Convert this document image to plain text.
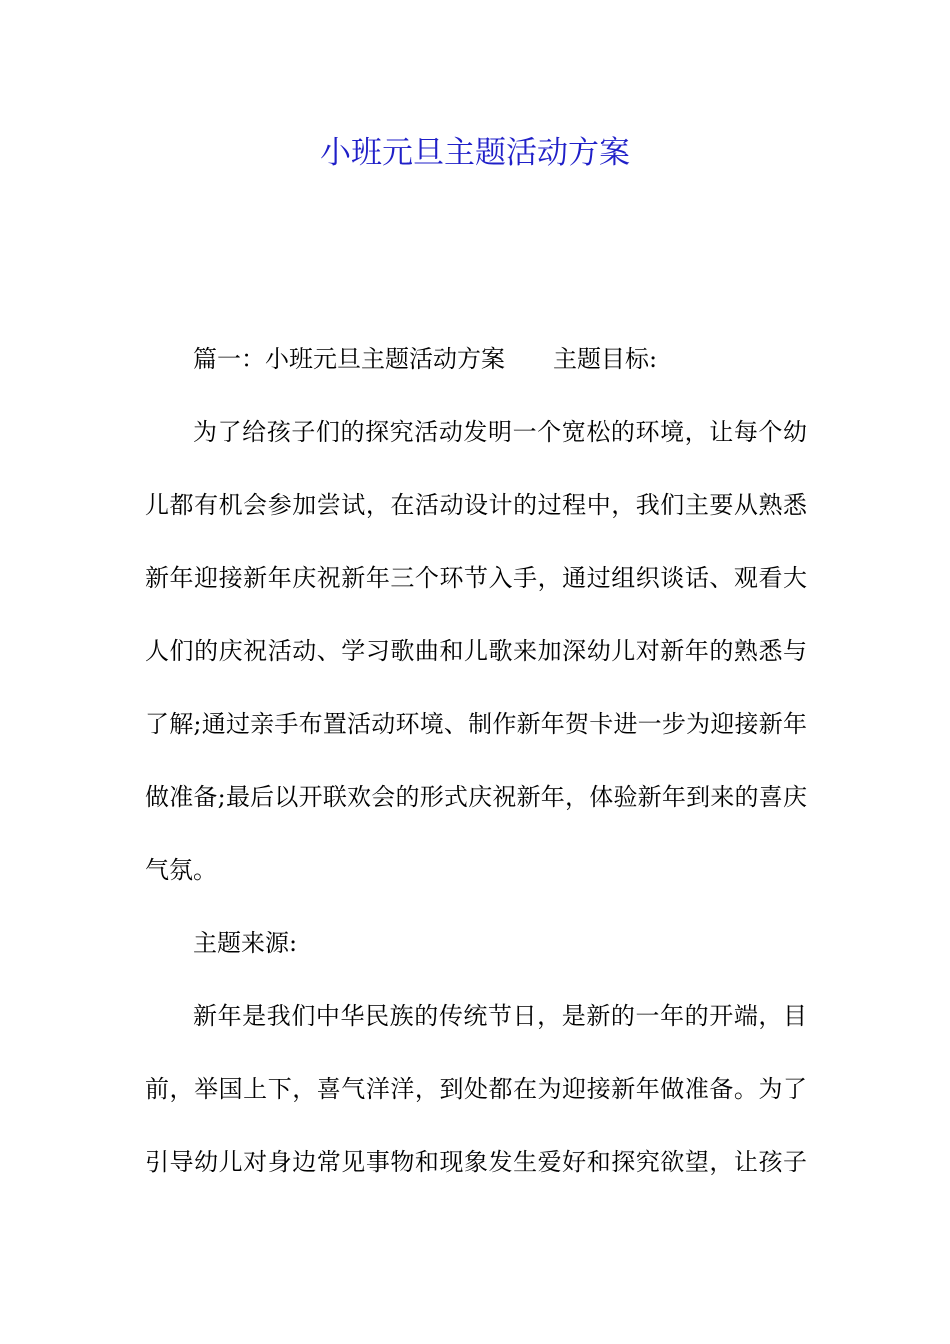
小班元旦主题活动方案
篇一：小班元旦主题活动方案 主题目标:
为了给孩子们的探究活动发明一个宽松的环境，让每个幼
儿都有机会参加尝试，在活动设计的过程中，我们主要从熟悉
新年迎接新年庆祝新年三个环节入手，通过组织谈话、观看大
人们的庆祝活动、学习歌曲和儿歌来加深幼儿对新年的熟悉与
了解;通过亲手布置活动环境、制作新年贺卡进一步为迎接新年
做准备;最后以开联欢会的形式庆祝新年，体验新年到来的喜庆
气氛。
主题来源:
新年是我们中华民族的传统节日，是新的一年的开端，目
前，举国上下，喜气洋洋，到处都在为迎接新年做准备。为了
引导幼儿对身边常见事物和现象发生爱好和探究欲望，让孩子
